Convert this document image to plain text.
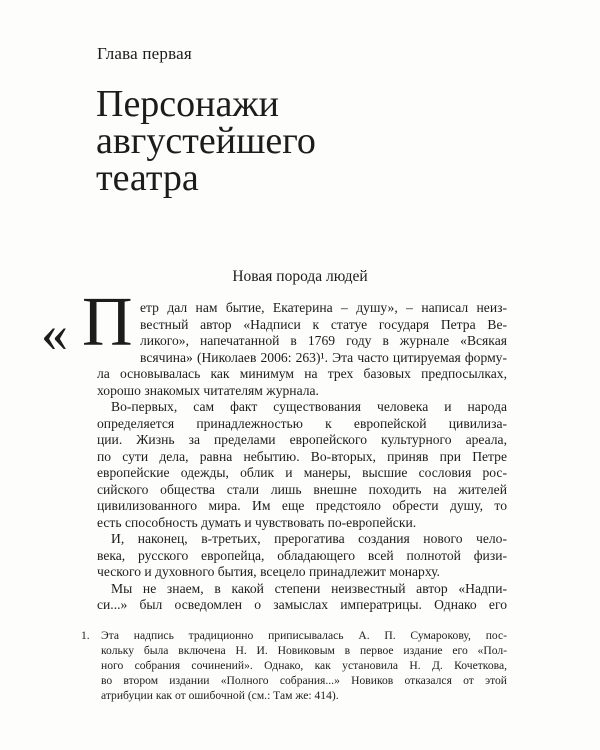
Глава первая
Персонажи
августейшего
театра
Новая порода людей
« П етр дал нам бытие, Екатерина – душу», – написал неиз-
вестный автор «Надписи к статуе государя Петра Ве-
ликого», напечатанной в 1769 году в журнале «Всякая
всячина» (Николаев 2006: 263)¹. Эта часто цитируемая форму-
ла основывалась как минимум на трех базовых предпосылках,
хорошо знакомых читателям журнала.
Во-первых, сам факт существования человека и народа
определяется принадлежностью к европейской цивилиза-
ции. Жизнь за пределами европейского культурного ареала,
по сути дела, равна небытию. Во-вторых, приняв при Петре
европейские одежды, облик и манеры, высшие сословия рос-
сийского общества стали лишь внешне походить на жителей
цивилизованного мира. Им еще предстояло обрести душу, то
есть способность думать и чувствовать по-европейски.
И, наконец, в-третьих, прерогатива создания нового чело-
века, русского европейца, обладающего всей полнотой физи-
ческого и духовного бытия, всецело принадлежит монарху.
Мы не знаем, в какой степени неизвестный автор «Надпи-
си...» был осведомлен о замыслах императрицы. Однако его
1. Эта надпись традиционно приписывалась А. П. Сумарокову, пос-
кольку была включена Н. И. Новиковым в первое издание его «Пол-
ного собрания сочинений». Однако, как установила Н. Д. Кочеткова,
во втором издании «Полного собрания...» Новиков отказался от этой
атрибуции как от ошибочной (см.: Там же: 414).
